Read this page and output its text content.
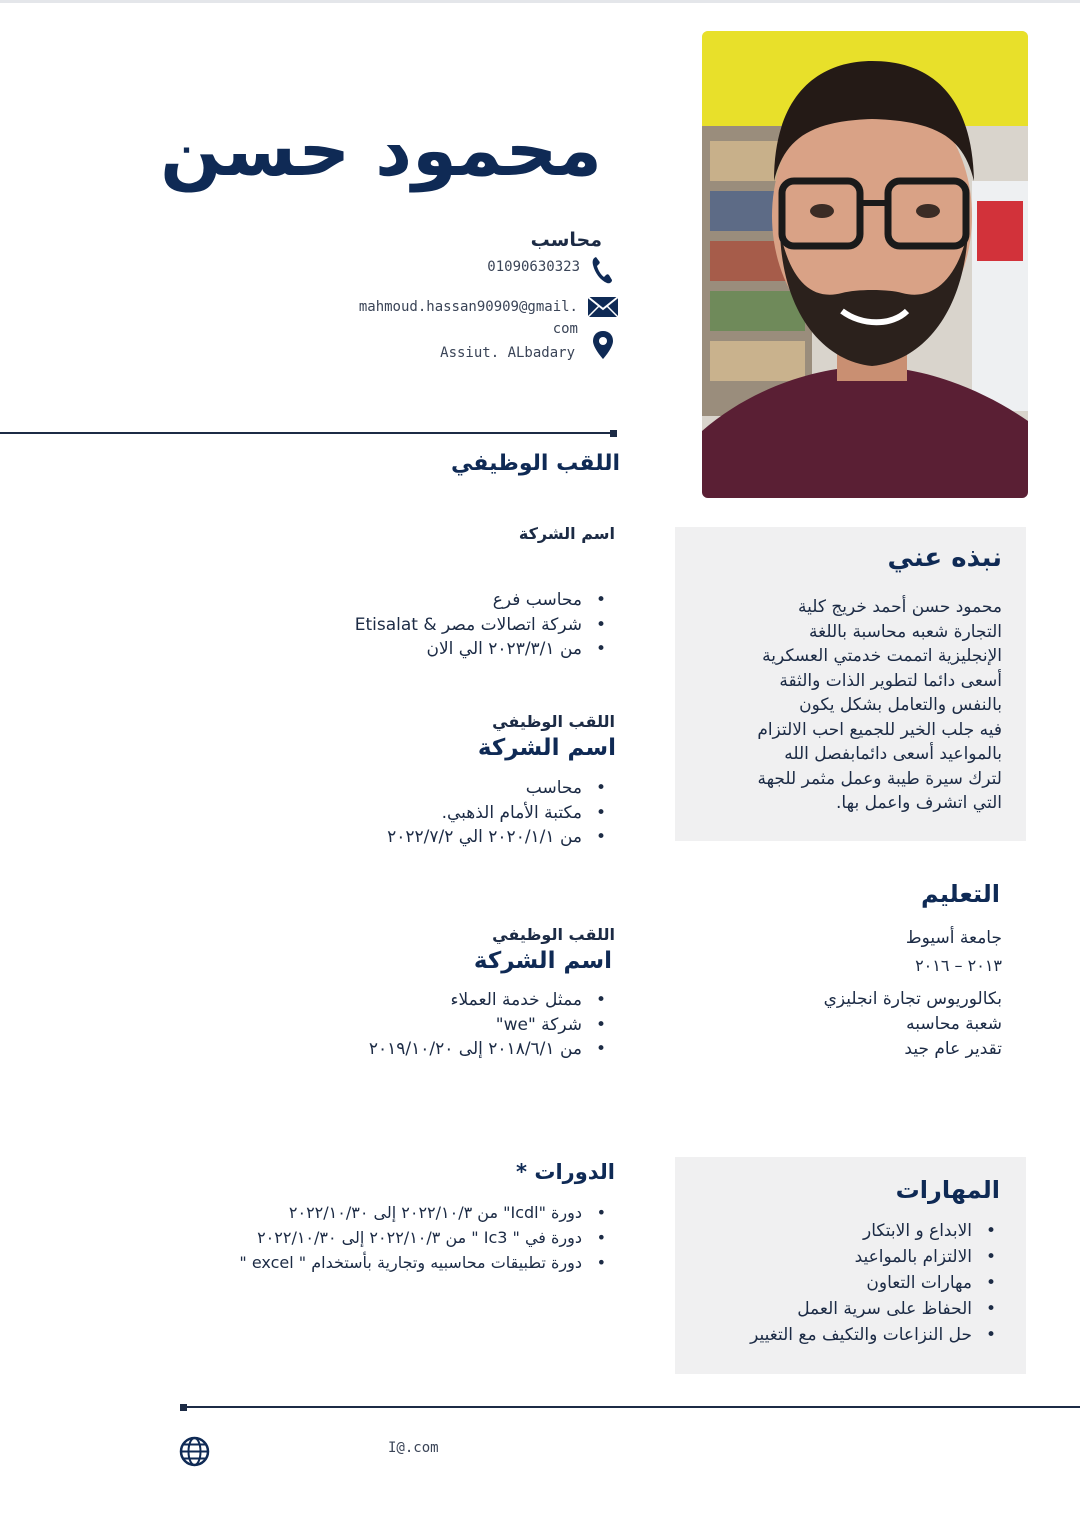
محمود حسن
محاسب
01090630323
mahmoud.hassan90909@gmail.
com
Assiut. ALbadary
اللقب الوظيفي
اسم الشركة
• محاسب فرع
• شركة اتصالات مصر & Etisalat
• من ٢٠٢٣/٣/١ الي الان
اللقب الوظيفي
اسم الشركة
• محاسب
• مكتبة الأمام الذهبي.
• من ٢٠٢٠/١/١ الي ٢٠٢٢/٧/٢
اللقب الوظيفي
اسم الشركة
• ممثل خدمة العملاء
• شركة "we"
• من ٢٠١٨/٦/١ إلى ٢٠١٩/١٠/٢٠
الدورات *
• دورة "Icdl" من ٢٠٢٢/١٠/٣ إلى ٢٠٢٢/١٠/٣٠
• دورة في " Ic3 " من ٢٠٢٢/١٠/٣ إلى ٢٠٢٢/١٠/٣٠
• دورة تطبيقات محاسبيه وتجارية بأستخدام " excel "
نبذه عني
محمود حسن أحمد خريج كلية
التجارة شعبه محاسبة باللغة
الإنجليزية اتممت خدمتي العسكرية
أسعى دائما لتطوير الذات والثقة
بالنفس والتعامل بشكل يكون
فيه جلب الخير للجميع احب الالتزام
بالمواعيد أسعى دائمابفصل الله
لترك سيرة طيبة وعمل مثمر للجهة
التي اتشرف واعمل بها.
التعليم
جامعة أسيوط
٢٠١٣ – ٢٠١٦
بكالوريوس تجارة انجليزي
شعبة محاسبه
تقدير عام جيد
المهارات
• الابداع و الابتكار
• الالتزام بالمواعيد
• مهارات التعاون
• الحفاظ على سرية العمل
• حل النزاعات والتكيف مع التغيير
I@.com
